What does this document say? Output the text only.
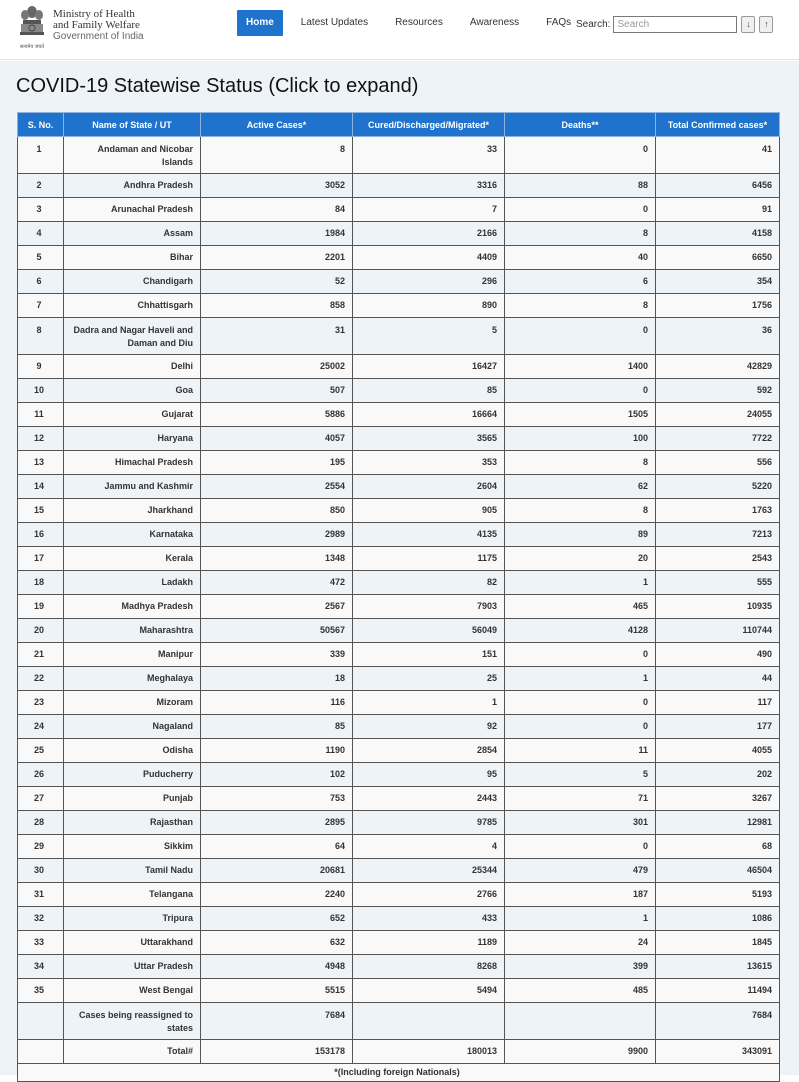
सत्यमेव जयते
Ministry of Health
and Family Welfare
Government of India
Home	Latest Updates	Resources	Awareness	FAQs Search:
Search	↓	↑
COVID-19 Statewise Status (Click to expand)
S. No.	Name of State / UT	Active Cases*	Cured/Discharged/Migrated*	Deaths**	Total Confirmed cases*
1	Andaman and Nicobar Islands	8	33	0	41
2	Andhra Pradesh	3052	3316	88	6456
3	Arunachal Pradesh	84	7	0	91
4	Assam	1984	2166	8	4158
5	Bihar	2201	4409	40	6650
6	Chandigarh	52	296	6	354
7	Chhattisgarh	858	890	8	1756
8	Dadra and Nagar Haveli and Daman and Diu	31	5	0	36
9	Delhi	25002	16427	1400	42829
10	Goa	507	85	0	592
11	Gujarat	5886	16664	1505	24055
12	Haryana	4057	3565	100	7722
13	Himachal Pradesh	195	353	8	556
14	Jammu and Kashmir	2554	2604	62	5220
15	Jharkhand	850	905	8	1763
16	Karnataka	2989	4135	89	7213
17	Kerala	1348	1175	20	2543
18	Ladakh	472	82	1	555
19	Madhya Pradesh	2567	7903	465	10935
20	Maharashtra	50567	56049	4128	110744
21	Manipur	339	151	0	490
22	Meghalaya	18	25	1	44
23	Mizoram	116	1	0	117
24	Nagaland	85	92	0	177
25	Odisha	1190	2854	11	4055
26	Puducherry	102	95	5	202
27	Punjab	753	2443	71	3267
28	Rajasthan	2895	9785	301	12981
29	Sikkim	64	4	0	68
30	Tamil Nadu	20681	25344	479	46504
31	Telangana	2240	2766	187	5193
32	Tripura	652	433	1	1086
33	Uttarakhand	632	1189	24	1845
34	Uttar Pradesh	4948	8268	399	13615
35	West Bengal	5515	5494	485	11494
	Cases being reassigned to states	7684			7684
	Total#	153178	180013	9900	343091
*(Including foreign Nationals)					
